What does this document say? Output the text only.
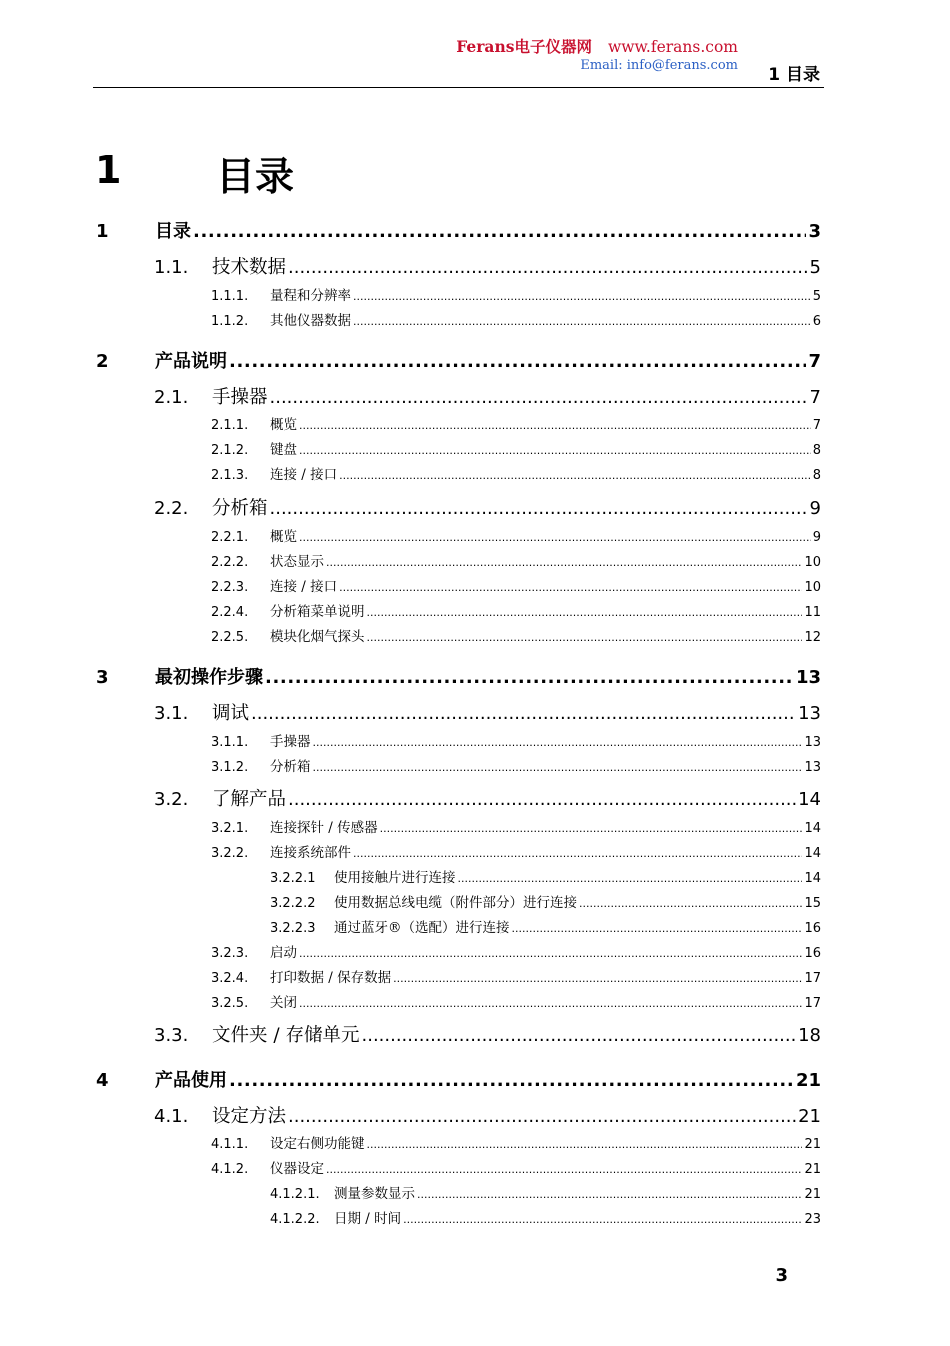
Ferans电子仪器网 www.ferans.com
Email: info@ferans.com 1 目录
1 目录
1	目录 .....	3
1.1.	技术数据 .....	5
1.1.1.	量程和分辨率 .....	5
1.1.2.	其他仪器数据 .....	6
2	产品说明 .....	7
2.1.	手操器 .....	7
2.1.1.	概览 .....	7
2.1.2.	键盘 .....	8
2.1.3.	连接 / 接口 .....	8
2.2.	分析箱 .....	9
2.2.1.	概览 .....	9
2.2.2.	状态显示 .....	10
2.2.3.	连接 / 接口 .....	10
2.2.4.	分析箱菜单说明 .....	11
2.2.5.	模块化烟气探头 .....	12
3	最初操作步骤 .....	13
3.1.	调试 .....	13
3.1.1.	手操器 .....	13
3.1.2.	分析箱 .....	13
3.2.	了解产品 .....	14
3.2.1.	连接探针 / 传感器 .....	14
3.2.2.	连接系统部件 .....	14
3.2.2.1	使用接触片进行连接 .....	14
3.2.2.2	使用数据总线电缆（附件部分）进行连接 .....	15
3.2.2.3	通过蓝牙®（选配）进行连接 .....	16
3.2.3.	启动 .....	16
3.2.4.	打印数据 / 保存数据 .....	17
3.2.5.	关闭 .....	17
3.3.	文件夹 / 存储单元 .....	18
4	产品使用 .....	21
4.1.	设定方法 .....	21
4.1.1.	设定右侧功能键 .....	21
4.1.2.	仪器设定 .....	21
4.1.2.1.	测量参数显示 .....	21
4.1.2.2.	日期 / 时间 .....	23
3
